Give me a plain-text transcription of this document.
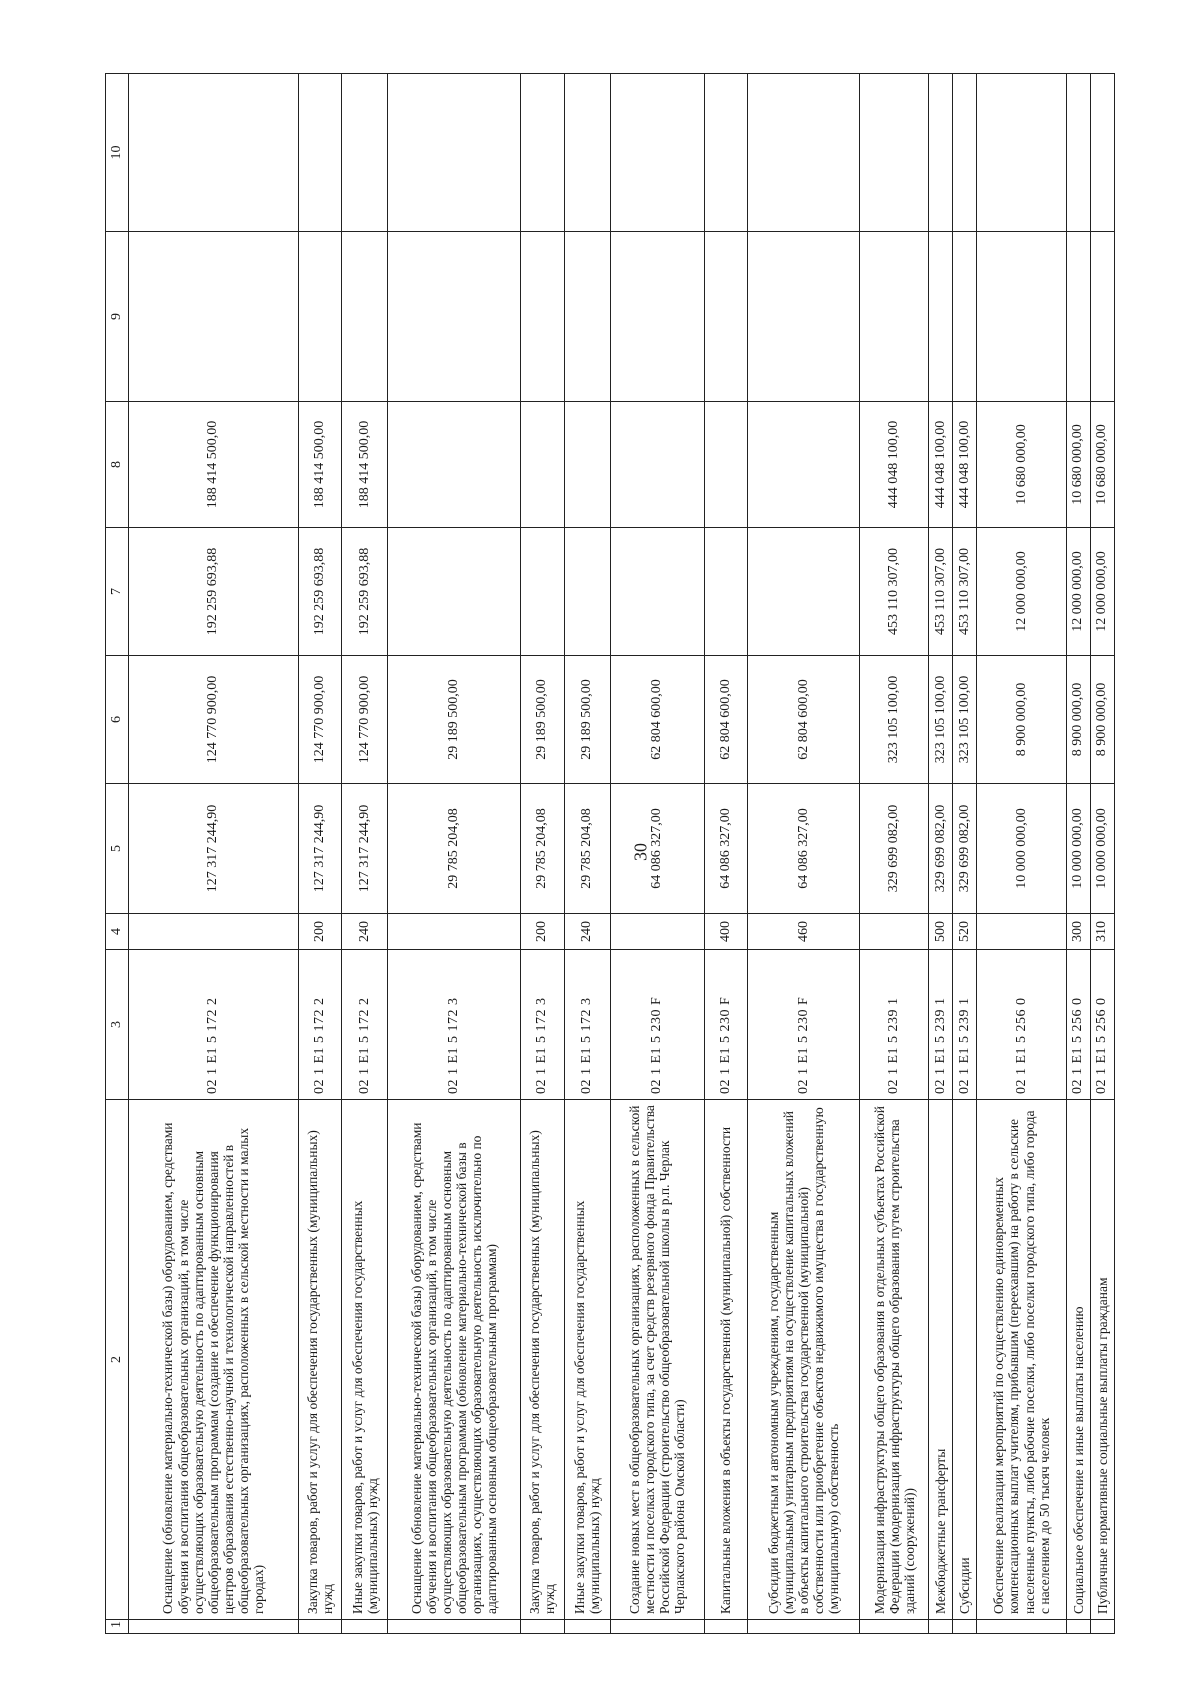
30
1	2	3	4	5	6	7	8	9	10
	Оснащение (обновление материально-технической базы) оборудованием, средствами обучения и воспитания общеобразовательных организаций, в том числе осуществляющих образовательную деятельность по адаптированным основным общеобразовательным программам (создание и обеспечение функционирования центров образования естественно-научной и технологической направленностей в общеобразовательных организациях, расположенных в сельской местности и малых городах)	02 1 E1 5 172 2		127 317 244,90	124 770 900,00	192 259 693,88	188 414 500,00		
	Закупка товаров, работ и услуг для обеспечения государственных (муниципальных) нужд	02 1 E1 5 172 2	200	127 317 244,90	124 770 900,00	192 259 693,88	188 414 500,00		
	Иные закупки товаров, работ и услуг для обеспечения государственных (муниципальных) нужд	02 1 E1 5 172 2	240	127 317 244,90	124 770 900,00	192 259 693,88	188 414 500,00		
	Оснащение (обновление материально-технической базы) оборудованием, средствами обучения и воспитания общеобразовательных организаций, в том числе осуществляющих образовательную деятельность по адаптированным основным общеобразовательным программам (обновление материально-технической базы в организациях, осуществляющих образовательную деятельность исключительно по адаптированным основным общеобразовательным программам)	02 1 E1 5 172 3		29 785 204,08	29 189 500,00				
	Закупка товаров, работ и услуг для обеспечения государственных (муниципальных) нужд	02 1 E1 5 172 3	200	29 785 204,08	29 189 500,00				
	Иные закупки товаров, работ и услуг для обеспечения государственных (муниципальных) нужд	02 1 E1 5 172 3	240	29 785 204,08	29 189 500,00				
	Создание новых мест в общеобразовательных организациях, расположенных в сельской местности и поселках городского типа, за счет средств резервного фонда Правительства Российской Федерации (строительство общеобразовательной школы в р.п. Черлак Черлакского района Омской области)	02 1 E1 5 230 F		64 086 327,00	62 804 600,00				
	Капитальные вложения в объекты государственной (муниципальной) собственности	02 1 E1 5 230 F	400	64 086 327,00	62 804 600,00				
	Субсидии бюджетным и автономным учреждениям, государственным (муниципальным) унитарным предприятиям на осуществление капитальных вложений в объекты капитального строительства государственной (муниципальной) собственности или приобретение объектов недвижимого имущества в государственную (муниципальную) собственность	02 1 E1 5 230 F	460	64 086 327,00	62 804 600,00				
	Модернизация инфраструктуры общего образования в отдельных субъектах Российской Федерации (модернизация инфраструктуры общего образования путем строительства зданий (сооружений))	02 1 E1 5 239 1		329 699 082,00	323 105 100,00	453 110 307,00	444 048 100,00		
	Межбюджетные трансферты	02 1 E1 5 239 1	500	329 699 082,00	323 105 100,00	453 110 307,00	444 048 100,00		
	Субсидии	02 1 E1 5 239 1	520	329 699 082,00	323 105 100,00	453 110 307,00	444 048 100,00		
	Обеспечение реализации мероприятий по осуществлению единовременных компенсационных выплат учителям, прибывшим (переехавшим) на работу в сельские населенные пункты, либо рабочие поселки, либо поселки городского типа, либо города с населением до 50 тысяч человек	02 1 E1 5 256 0		10 000 000,00	8 900 000,00	12 000 000,00	10 680 000,00		
	Социальное обеспечение и иные выплаты населению	02 1 E1 5 256 0	300	10 000 000,00	8 900 000,00	12 000 000,00	10 680 000,00		
	Публичные нормативные социальные выплаты гражданам	02 1 E1 5 256 0	310	10 000 000,00	8 900 000,00	12 000 000,00	10 680 000,00		
